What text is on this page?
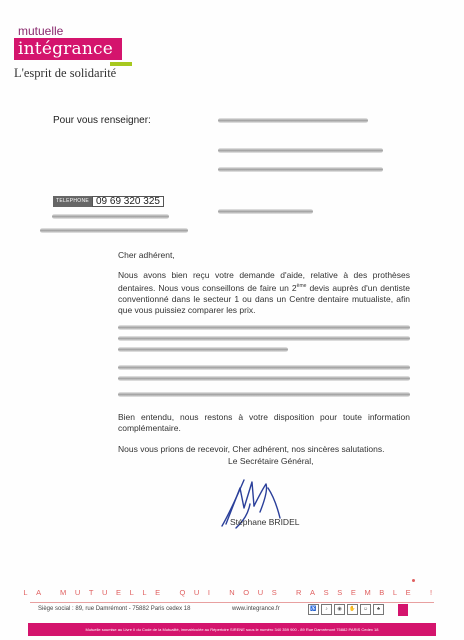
mutuelle
intégrance
L'esprit de solidarité
Pour vous renseigner:
TELEPHONE 09 69 320 325
Cher adhérent,
Nous avons bien reçu votre demande d'aide, relative à des prothèses dentaires. Nous vous conseillons de faire un 2ème devis auprès d'un dentiste conventionné dans le secteur 1 ou dans un Centre dentaire mutualiste, afin que vous puissiez comparer les prix.
Bien entendu, nous restons à votre disposition pour toute information complémentaire.
Nous vous prions de recevoir, Cher adhérent, nos sincères salutations.
Le Secrétaire Général,
Stéphane BRIDEL
LA MUTUELLE QUI NOUS RASSEMBLE !
Siège social : 89, rue Damrémont - 75882 Paris cedex 18	www.integrance.fr	♿	♪	◉	✋	☺	♣
Mutuelle soumise au Livre II du Code de la Mutualité, immatriculée au Répertoire SIRENE sous le numéro 340 359 900 - 89 Rue Damrémont 75882 PARIS Cedex 18
